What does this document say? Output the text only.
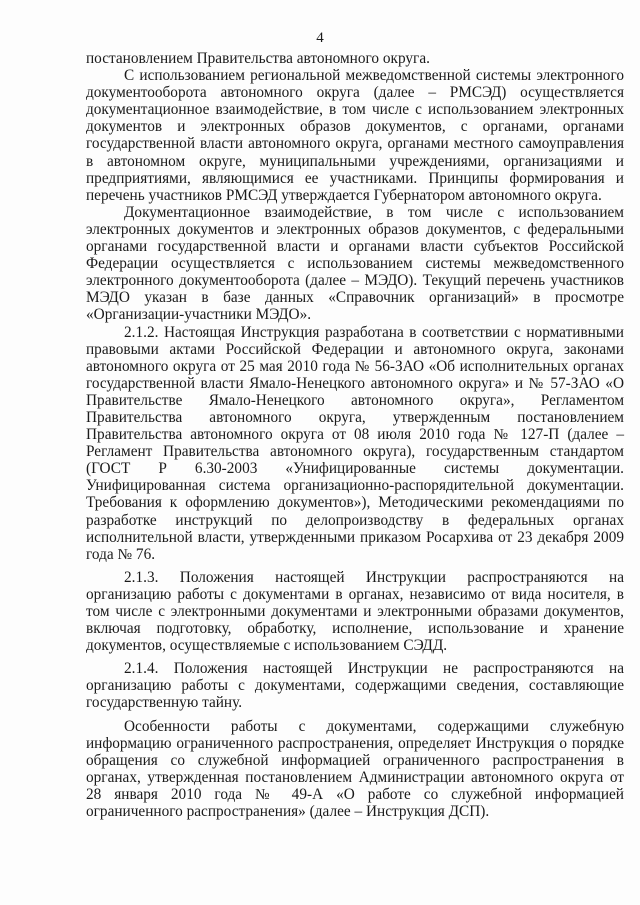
4

постановлением Правительства автономного округа.

С использованием региональной межведомственной системы электронного документооборота автономного округа (далее – РМСЭД) осуществляется документационное взаимодействие, в том числе с использованием электронных документов и электронных образов документов, с органами, органами государственной власти автономного округа, органами местного самоуправления в автономном округе, муниципальными учреждениями, организациями и предприятиями, являющимися ее участниками. Принципы формирования и перечень участников РМСЭД утверждается Губернатором автономного округа.

Документационное взаимодействие, в том числе с использованием электронных документов и электронных образов документов, с федеральными органами государственной власти и органами власти субъектов Российской Федерации осуществляется с использованием системы межведомственного электронного документооборота (далее – МЭДО). Текущий перечень участников МЭДО указан в базе данных «Справочник организаций» в просмотре «Организации-участники МЭДО».

2.1.2. Настоящая Инструкция разработана в соответствии с нормативными правовыми актами Российской Федерации и автономного округа, законами автономного округа от 25 мая 2010 года № 56-ЗАО «Об исполнительных органах государственной власти Ямало-Ненецкого автономного округа» и № 57-ЗАО «О Правительстве Ямало-Ненецкого автономного округа», Регламентом Правительства автономного округа, утвержденным постановлением Правительства автономного округа от 08 июля 2010 года № 127-П (далее – Регламент Правительства автономного округа), государственным стандартом (ГОСТ Р 6.30-2003 «Унифицированные системы документации. Унифицированная система организационно-распорядительной документации. Требования к оформлению документов»), Методическими рекомендациями по разработке инструкций по делопроизводству в федеральных органах исполнительной власти, утвержденными приказом Росархива от 23 декабря 2009 года № 76.

2.1.3. Положения настоящей Инструкции распространяются на организацию работы с документами в органах, независимо от вида носителя, в том числе с электронными документами и электронными образами документов, включая подготовку, обработку, исполнение, использование и хранение документов, осуществляемые с использованием СЭДД.

2.1.4. Положения настоящей Инструкции не распространяются на организацию работы с документами, содержащими сведения, составляющие государственную тайну.

Особенности работы с документами, содержащими служебную информацию ограниченного распространения, определяет Инструкция о порядке обращения со служебной информацией ограниченного распространения в органах, утвержденная постановлением Администрации автономного округа от 28 января 2010 года № 49-А «О работе со служебной информацией ограниченного распространения» (далее – Инструкция ДСП).
